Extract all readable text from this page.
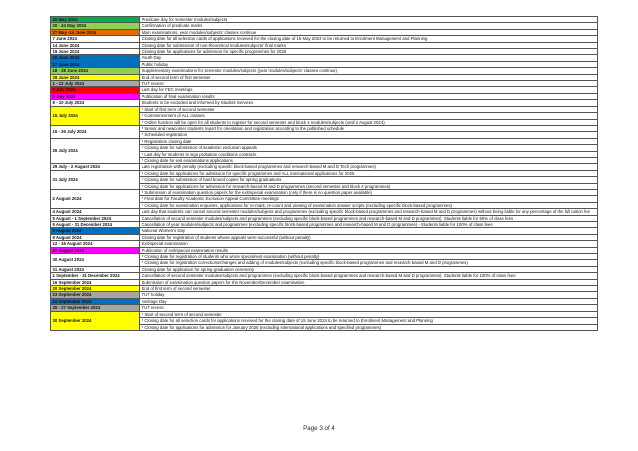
20 May 2024	Predicate day for semester modules/subjects

20 - 24 May 2024	Confirmation of predicate marks

27 May -14 June 2024	Main examinations, year modules/subjects' classes continue

7 June 2024	Closing date for all selection cards of applications received for the closing date of 15 May 2024 to be returned to Enrolment Management and Planning

14 June 2024	Closing date for submission of non-theoretical modules/subjects' final marks

15 June 2024	Closing date for applications for admission for specific programmes for 2025

16 June 2024	Youth Day

17 June 2024	Public holiday

18 - 28 June 2024	Supplementary examinations for semester modules/subjects (year modules/subjects' classes continue)

28 June 2024	End of second term of first semester

1 - 12 July 2024	TUT recess

3 July 2024	Last day for FEC meetings

5 July 2024	Publication of final examination results

8 - 10 July 2024	Students to be excluded and informed by Student Services

15 July 2024	* Start of first term of second semester

	* Commencement of ALL classes

	* Online function will be open for all students to register for second semester and block 4 modules/subjects (until 2 August 2024)

15 - 26 July 2024	* Senior and newcomer students report for orientation and registration according to the published schedule

	* Scheduled registration

26 July 2024	* Registration closing date

	* Closing date for submission of academic exclusion appeals

	* Last day for students to sign probation conditions contracts

	* Closing date for exit examinations applications

29 July - 2 August 2024	Late registration with penalty (excluding specific block-based programmes and research-based M and D Tech programmes)

31 July 2024	* Closing date for applications for admission for specific programmes and ALL international applications for 2025

	* Closing date for submission of hard bound copies for spring graduations

	* Closing date for applications for admission for research-based M and D programmes (second semester and block 4 programmes)

2 August 2024	* Submission of examination question papers for the exit/special examination (only if there is no question paper available)

	* Final date for Faculty Academic Exclusion Appeal Committee meetings

	* Closing date for examination enquiries, applications for re-mark, re-count and viewing of examination answer scripts (excluding specific block-based programmes)

4 August 2024	Last day that students can cancel second semester modules/subjects and programmes (excluding specific block-based programmes and research-based M and D programmes) without being liable for any percentage of the full tuition fee

5 August - 1 September 2024	Cancellation of second semester modules/subjects and programmes (excluding specific block-based programmes and research-based M and D programmes). Students liable for 60% of class fees

5 August - 31 December 2024	Cancellation of year modules/subjects and programmes (excluding specific block-based programmes and research-based M and D programmes) - Students liable for 100% of class fees

9 August 2024	National Women's Day

9 August 2024	Closing date for registration of students whose appeals were successful (without penalty)

12 - 16 August 2024	Exit/special examination

27 August 2024	Publication of exit/special examination results

30 August 2024	* Closing date for registration of students who wrote special/exit examination (without penalty)

	* Closing date for registration corrections/changes and adding of modules/subjects (excluding specific block-based programmes and research-based M and D programmes)

31 August 2024	Closing date for application for spring graduation ceremony

1 September - 31 December 2024	Cancellation of second semester modules/subjects and programmes (excluding specific block-based programmes and research-based M and D programmes). Students liable for 100% of class fees

16 September 2024	Submission of examination question papers for the November/December examination

20 September 2024	End of first term of second semester

23 September 2024	TUT holiday

24 September 2024	Heritage Day

25 - 27 September 2024	TUT recess

30 September 2024	* Start of second term of second semester

	* Closing date for all selection cards for applications received for the closing date of 15 June 2024 to be returned to Enrolment Management and Planning

	* Closing date for applications for admission for January 2025 (excluding international applications and specified programmes)
Page 3 of 4
